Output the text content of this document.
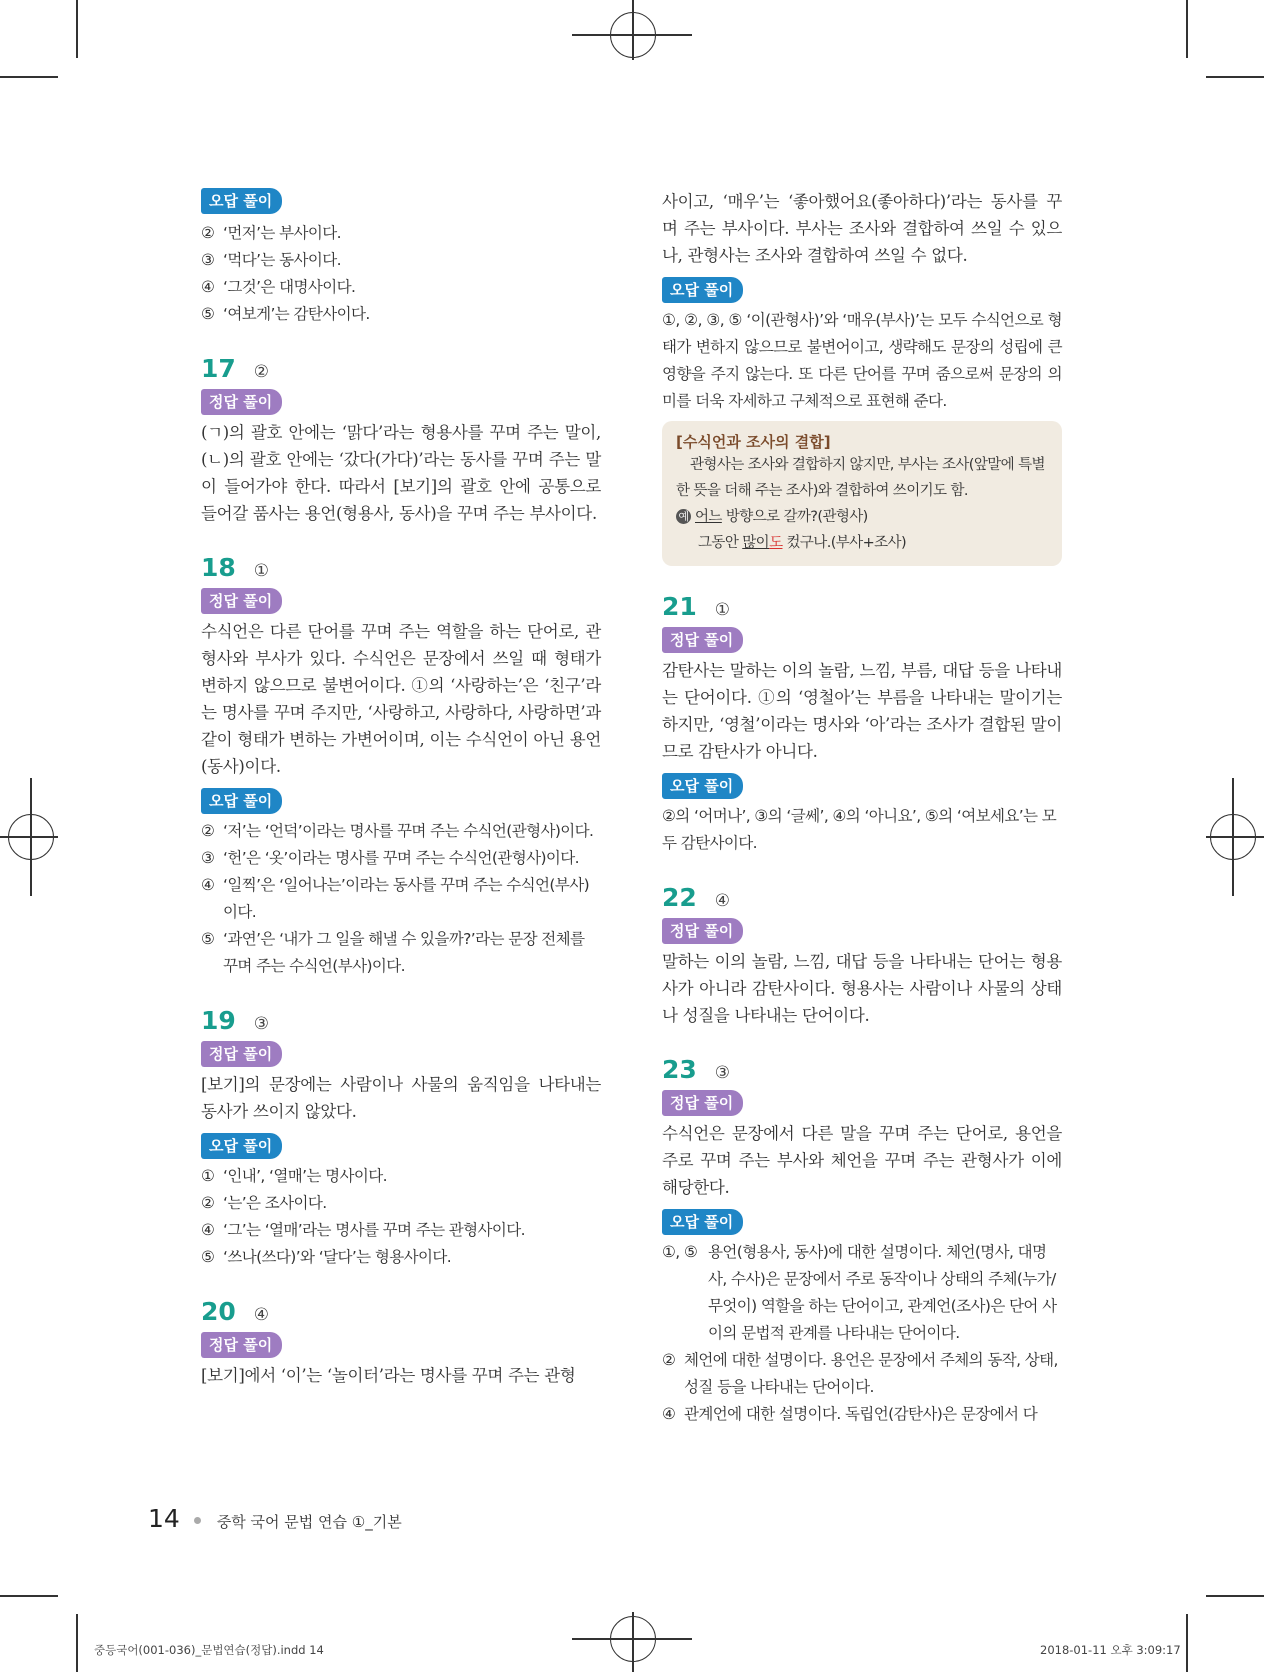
오답 풀이
② ‘먼저’는 부사이다.
③ ‘먹다’는 동사이다.
④ ‘그것’은 대명사이다.
⑤ ‘여보게’는 감탄사이다.
17 ②
정답 풀이
(ㄱ)의 괄호 안에는 ‘맑다’라는 형용사를 꾸며 주는 말이, (ㄴ)의 괄호 안에는 ‘갔다(가다)’라는 동사를 꾸며 주는 말이 들어가야 한다. 따라서 [보기]의 괄호 안에 공통으로 들어갈 품사는 용언(형용사, 동사)을 꾸며 주는 부사이다.
18 ①
정답 풀이
수식언은 다른 단어를 꾸며 주는 역할을 하는 단어로, 관형사와 부사가 있다. 수식언은 문장에서 쓰일 때 형태가 변하지 않으므로 불변어이다. ①의 ‘사랑하는’은 ‘친구’라는 명사를 꾸며 주지만, ‘사랑하고, 사랑하다, 사랑하면’과 같이 형태가 변하는 가변어이며, 이는 수식언이 아닌 용언(동사)이다.
오답 풀이
② ‘저’는 ‘언덕’이라는 명사를 꾸며 주는 수식언(관형사)이다.
③ ‘헌’은 ‘옷’이라는 명사를 꾸며 주는 수식언(관형사)이다.
④ ‘일찍’은 ‘일어나는’이라는 동사를 꾸며 주는 수식언(부사)이다.
⑤ ‘과연’은 ‘내가 그 일을 해낼 수 있을까?’라는 문장 전체를 꾸며 주는 수식언(부사)이다.
19 ③
정답 풀이
[보기]의 문장에는 사람이나 사물의 움직임을 나타내는 동사가 쓰이지 않았다.
오답 풀이
① ‘인내’, ‘열매’는 명사이다.
② ‘는’은 조사이다.
④ ‘그’는 ‘열매’라는 명사를 꾸며 주는 관형사이다.
⑤ ‘쓰나(쓰다)’와 ‘달다’는 형용사이다.
20 ④
정답 풀이
[보기]에서 ‘이’는 ‘놀이터’라는 명사를 꾸며 주는 관형
사이고, ‘매우’는 ‘좋아했어요(좋아하다)’라는 동사를 꾸며 주는 부사이다. 부사는 조사와 결합하여 쓰일 수 있으나, 관형사는 조사와 결합하여 쓰일 수 없다.
오답 풀이
①, ②, ③, ⑤ ‘이(관형사)’와 ‘매우(부사)’는 모두 수식언으로 형태가 변하지 않으므로 불변어이고, 생략해도 문장의 성립에 큰 영향을 주지 않는다. 또 다른 단어를 꾸며 줌으로써 문장의 의미를 더욱 자세하고 구체적으로 표현해 준다.
[수식언과 조사의 결합]
관형사는 조사와 결합하지 않지만, 부사는 조사(앞말에 특별한 뜻을 더해 주는 조사)와 결합하여 쓰이기도 함.
예 어느 방향으로 갈까?(관형사)
그동안 많이도 컸구나.(부사+조사)
21 ①
정답 풀이
감탄사는 말하는 이의 놀람, 느낌, 부름, 대답 등을 나타내는 단어이다. ①의 ‘영철아’는 부름을 나타내는 말이기는 하지만, ‘영철’이라는 명사와 ‘아’라는 조사가 결합된 말이므로 감탄사가 아니다.
오답 풀이
②의 ‘어머나’, ③의 ‘글쎄’, ④의 ‘아니요’, ⑤의 ‘여보세요’는 모두 감탄사이다.
22 ④
정답 풀이
말하는 이의 놀람, 느낌, 대답 등을 나타내는 단어는 형용사가 아니라 감탄사이다. 형용사는 사람이나 사물의 상태나 성질을 나타내는 단어이다.
23 ③
정답 풀이
수식언은 문장에서 다른 말을 꾸며 주는 단어로, 용언을 주로 꾸며 주는 부사와 체언을 꾸며 주는 관형사가 이에 해당한다.
오답 풀이
①, ⑤ 용언(형용사, 동사)에 대한 설명이다. 체언(명사, 대명사, 수사)은 문장에서 주로 동작이나 상태의 주체(누가/무엇이) 역할을 하는 단어이고, 관계언(조사)은 단어 사이의 문법적 관계를 나타내는 단어이다.
② 체언에 대한 설명이다. 용언은 문장에서 주체의 동작, 상태, 성질 등을 나타내는 단어이다.
④ 관계언에 대한 설명이다. 독립언(감탄사)은 문장에서 다
14 중학 국어 문법 연습 ①_기본
중등국어(001-036)_문법연습(정답).indd 14	2018-01-11 오후 3:09:17
